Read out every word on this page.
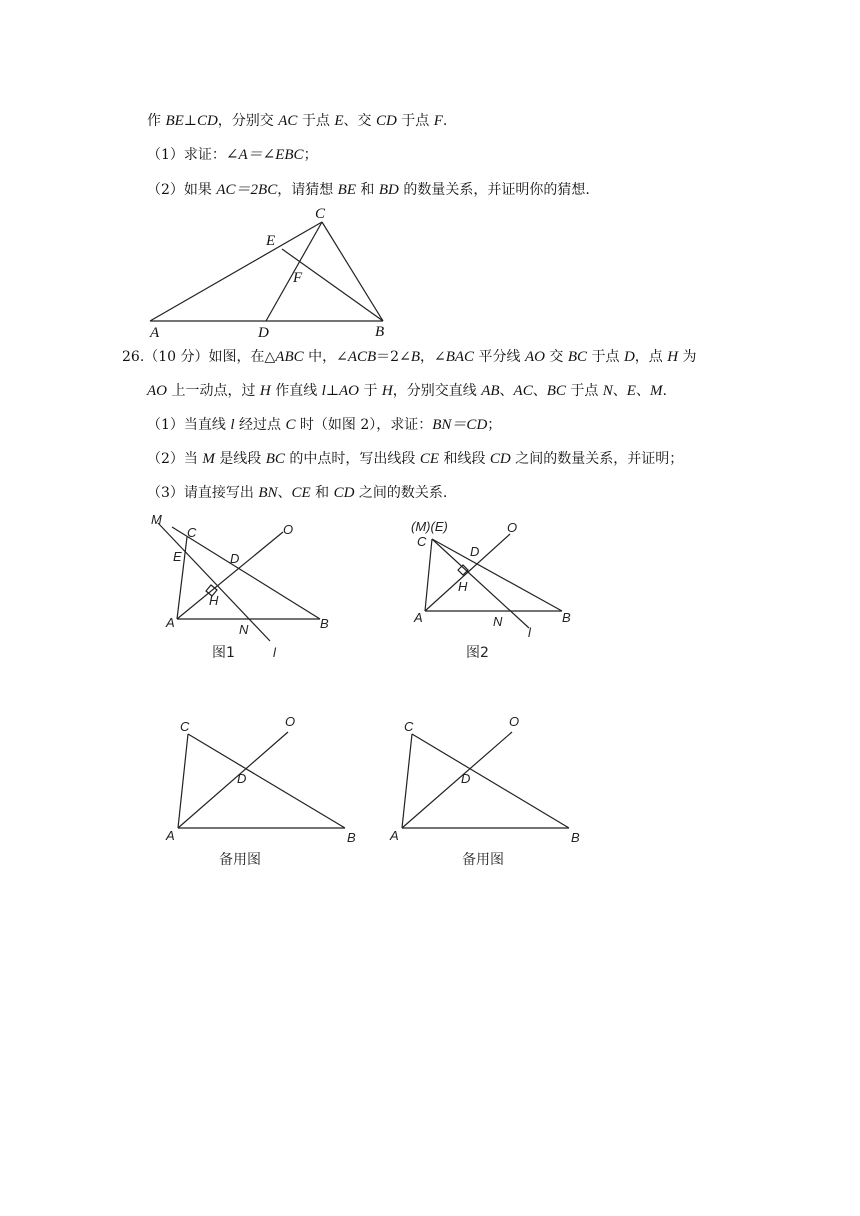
作 BE⊥CD，分别交 AC 于点 E、交 CD 于点 F.
（1）求证：∠A＝∠EBC；
（2）如果 AC＝2BC，请猜想 BE 和 BD 的数量关系，并证明你的猜想.
26.（10 分）如图，在△ABC 中，∠ACB＝2∠B，∠BAC 平分线 AO 交 BC 于点 D，点 H 为
AO 上一动点，过 H 作直线 l⊥AO 于 H，分别交直线 AB、AC、BC 于点 N、E、M.
（1）当直线 l 经过点 C 时（如图 2），求证：BN＝CD；
（2）当 M 是线段 BC 的中点时，写出线段 CE 和线段 CD 之间的数量关系，并证明；
（3）请直接写出 BN、CE 和 CD 之间的数关系.
C
E
F
A	D	B
M
C	O
E	D
H
A	N	B
l
图1
(M)(E)
C
O
D
H
A	N	B
l
图2
C	O
D
A	B
备用图
C	O
D
A	B
备用图
